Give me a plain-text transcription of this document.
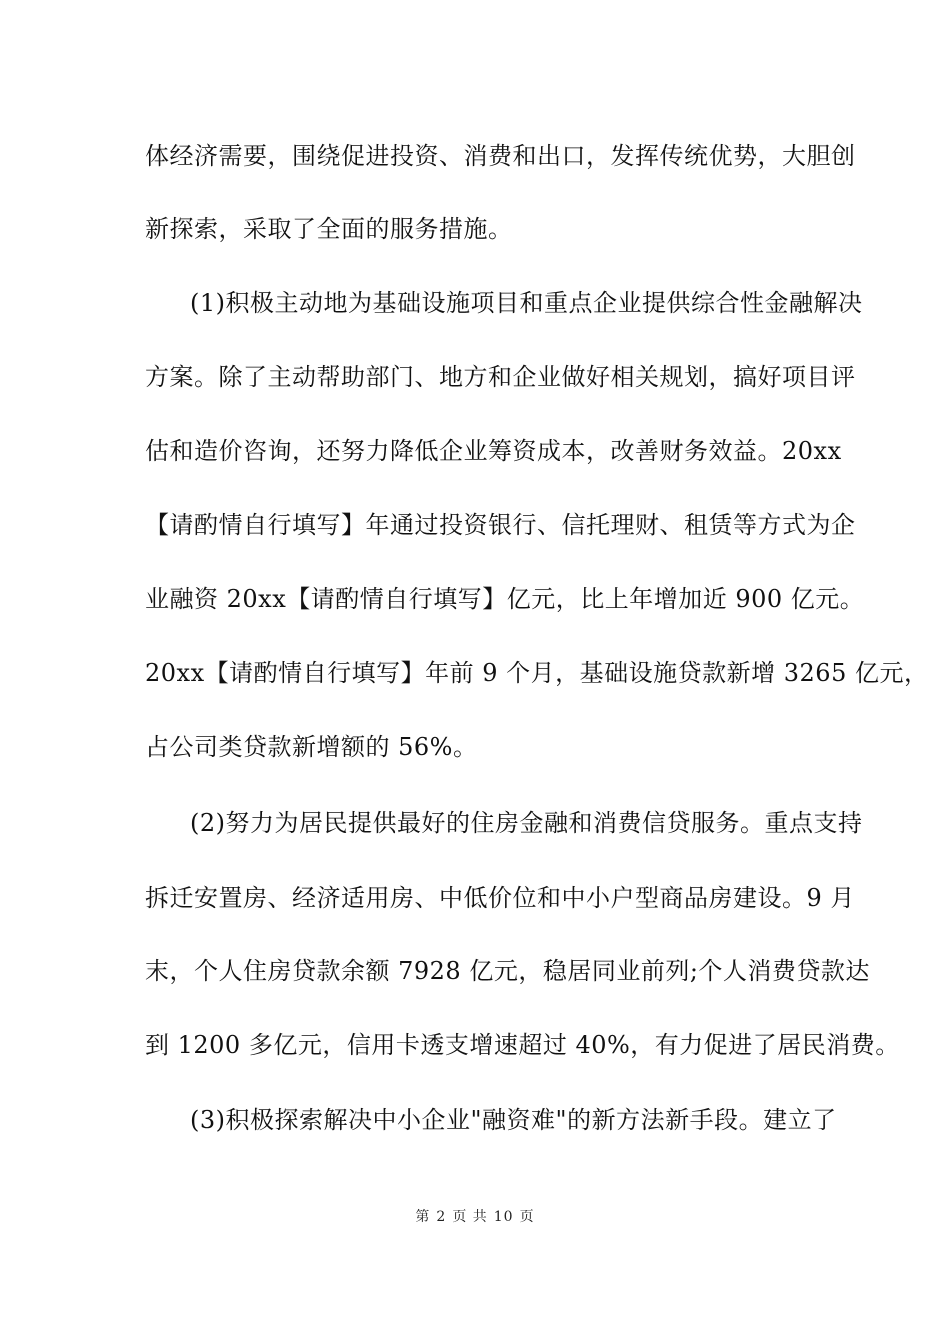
体经济需要，围绕促进投资、消费和出口，发挥传统优势，大胆创
新探索，采取了全面的服务措施。
(1)积极主动地为基础设施项目和重点企业提供综合性金融解决
方案。除了主动帮助部门、地方和企业做好相关规划，搞好项目评
估和造价咨询，还努力降低企业筹资成本，改善财务效益。20xx
【请酌情自行填写】年通过投资银行、信托理财、租赁等方式为企
业融资 20xx【请酌情自行填写】亿元，比上年增加近 900 亿元。
20xx【请酌情自行填写】年前 9 个月，基础设施贷款新增 3265 亿元，
占公司类贷款新增额的 56%。
(2)努力为居民提供最好的住房金融和消费信贷服务。重点支持
拆迁安置房、经济适用房、中低价位和中小户型商品房建设。9 月
末，个人住房贷款余额 7928 亿元，稳居同业前列;个人消费贷款达
到 1200 多亿元，信用卡透支增速超过 40%，有力促进了居民消费。
(3)积极探索解决中小企业"融资难"的新方法新手段。建立了
第 2 页 共 10 页
